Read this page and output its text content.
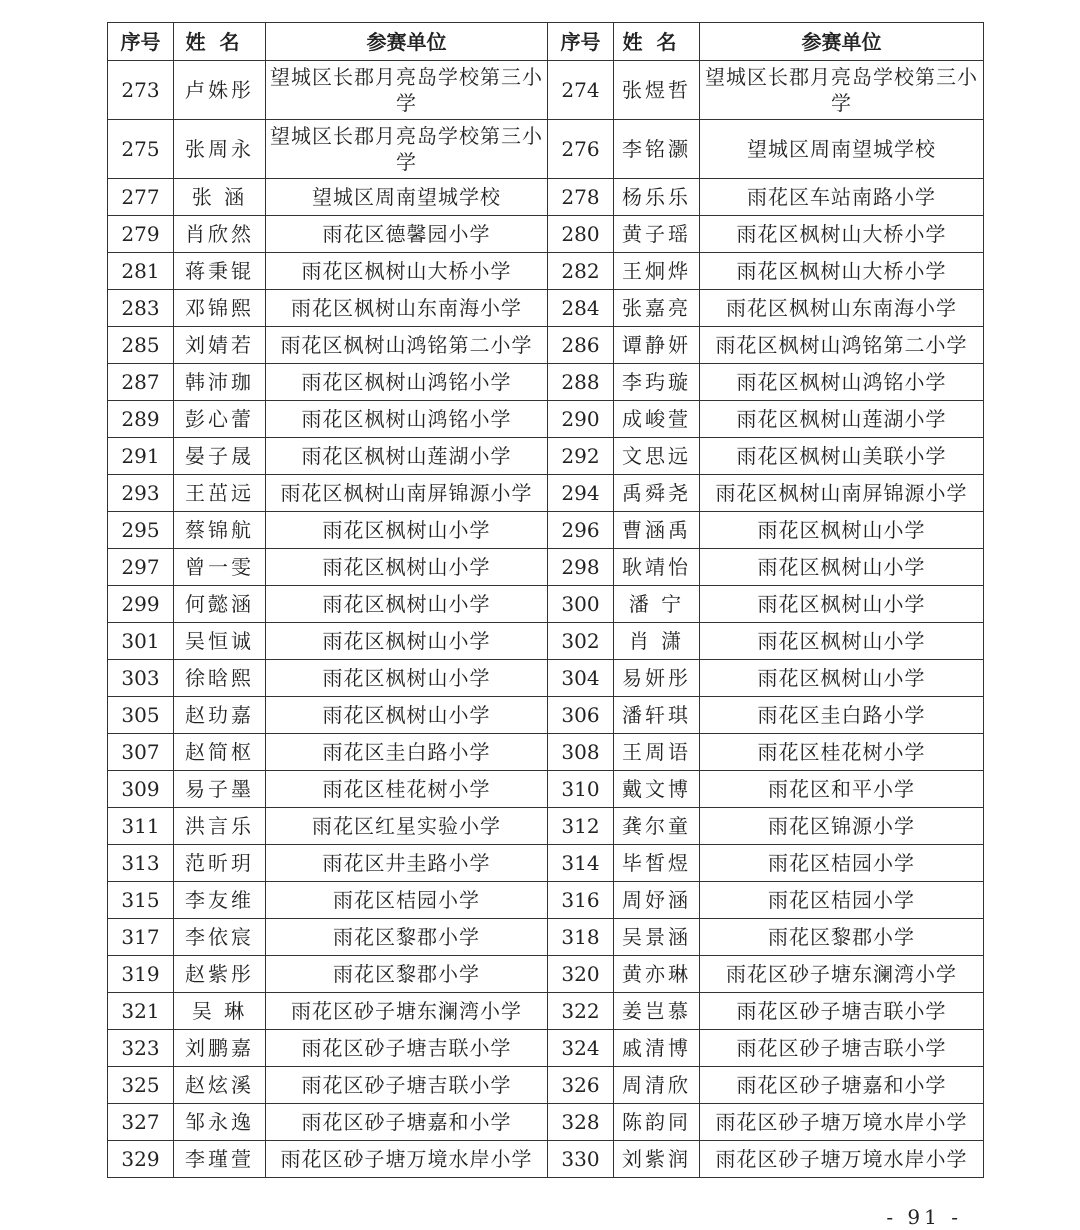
序号	姓名	参赛单位	序号	姓名	参赛单位
273	卢姝彤	望城区长郡月亮岛学校第三小学	274	张煜哲	望城区长郡月亮岛学校第三小学
275	张周永	望城区长郡月亮岛学校第三小学	276	李铭灏	望城区周南望城学校
277	张 涵	望城区周南望城学校	278	杨乐乐	雨花区车站南路小学
279	肖欣然	雨花区德馨园小学	280	黄子瑶	雨花区枫树山大桥小学
281	蒋秉锟	雨花区枫树山大桥小学	282	王炯烨	雨花区枫树山大桥小学
283	邓锦熙	雨花区枫树山东南海小学	284	张嘉亮	雨花区枫树山东南海小学
285	刘婧若	雨花区枫树山鸿铭第二小学	286	谭静妍	雨花区枫树山鸿铭第二小学
287	韩沛珈	雨花区枫树山鸿铭小学	288	李玙璇	雨花区枫树山鸿铭小学
289	彭心蕾	雨花区枫树山鸿铭小学	290	成峻萱	雨花区枫树山莲湖小学
291	晏子晟	雨花区枫树山莲湖小学	292	文思远	雨花区枫树山美联小学
293	王茁远	雨花区枫树山南屏锦源小学	294	禹舜尧	雨花区枫树山南屏锦源小学
295	蔡锦航	雨花区枫树山小学	296	曹涵禹	雨花区枫树山小学
297	曾一雯	雨花区枫树山小学	298	耿靖怡	雨花区枫树山小学
299	何懿涵	雨花区枫树山小学	300	潘 宁	雨花区枫树山小学
301	吴恒诚	雨花区枫树山小学	302	肖 潇	雨花区枫树山小学
303	徐晗熙	雨花区枫树山小学	304	易妍彤	雨花区枫树山小学
305	赵玏嘉	雨花区枫树山小学	306	潘轩琪	雨花区圭白路小学
307	赵简枢	雨花区圭白路小学	308	王周语	雨花区桂花树小学
309	易子墨	雨花区桂花树小学	310	戴文博	雨花区和平小学
311	洪言乐	雨花区红星实验小学	312	龚尔童	雨花区锦源小学
313	范昕玥	雨花区井圭路小学	314	毕皙煜	雨花区桔园小学
315	李友维	雨花区桔园小学	316	周妤涵	雨花区桔园小学
317	李依宸	雨花区黎郡小学	318	吴景涵	雨花区黎郡小学
319	赵紫彤	雨花区黎郡小学	320	黄亦琳	雨花区砂子塘东澜湾小学
321	吴 琳	雨花区砂子塘东澜湾小学	322	姜岂慕	雨花区砂子塘吉联小学
323	刘鹏嘉	雨花区砂子塘吉联小学	324	戚清博	雨花区砂子塘吉联小学
325	赵炫溪	雨花区砂子塘吉联小学	326	周清欣	雨花区砂子塘嘉和小学
327	邹永逸	雨花区砂子塘嘉和小学	328	陈韵同	雨花区砂子塘万境水岸小学
329	李瑾萱	雨花区砂子塘万境水岸小学	330	刘紫润	雨花区砂子塘万境水岸小学
- 91 -
